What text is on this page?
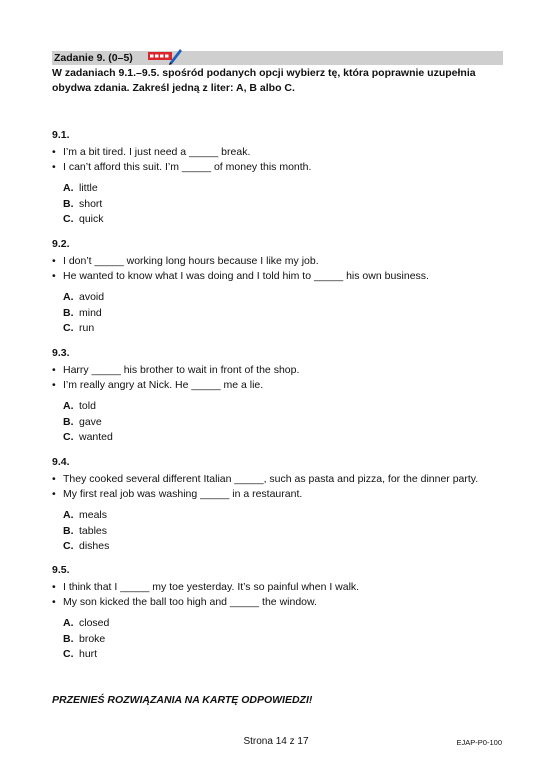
Zadanie 9. (0–5)
W zadaniach 9.1.–9.5. spośród podanych opcji wybierz tę, która poprawnie uzupełnia
obydwa zdania. Zakreśl jedną z liter: A, B albo C.
9.1.
• I’m a bit tired. I just need a _____ break.
• I can’t afford this suit. I’m _____ of money this month.
A. little
B. short
C. quick
9.2.
• I don’t _____ working long hours because I like my job.
• He wanted to know what I was doing and I told him to _____ his own business.
A. avoid
B. mind
C. run
9.3.
• Harry _____ his brother to wait in front of the shop.
• I’m really angry at Nick. He _____ me a lie.
A. told
B. gave
C. wanted
9.4.
• They cooked several different Italian _____, such as pasta and pizza, for the dinner party.
• My first real job was washing _____ in a restaurant.
A. meals
B. tables
C. dishes
9.5.
• I think that I _____ my toe yesterday. It’s so painful when I walk.
• My son kicked the ball too high and _____ the window.
A. closed
B. broke
C. hurt
PRZENIEŚ ROZWIĄZANIA NA KARTĘ ODPOWIEDZI!
Strona 14 z 17	EJAP-P0-100
